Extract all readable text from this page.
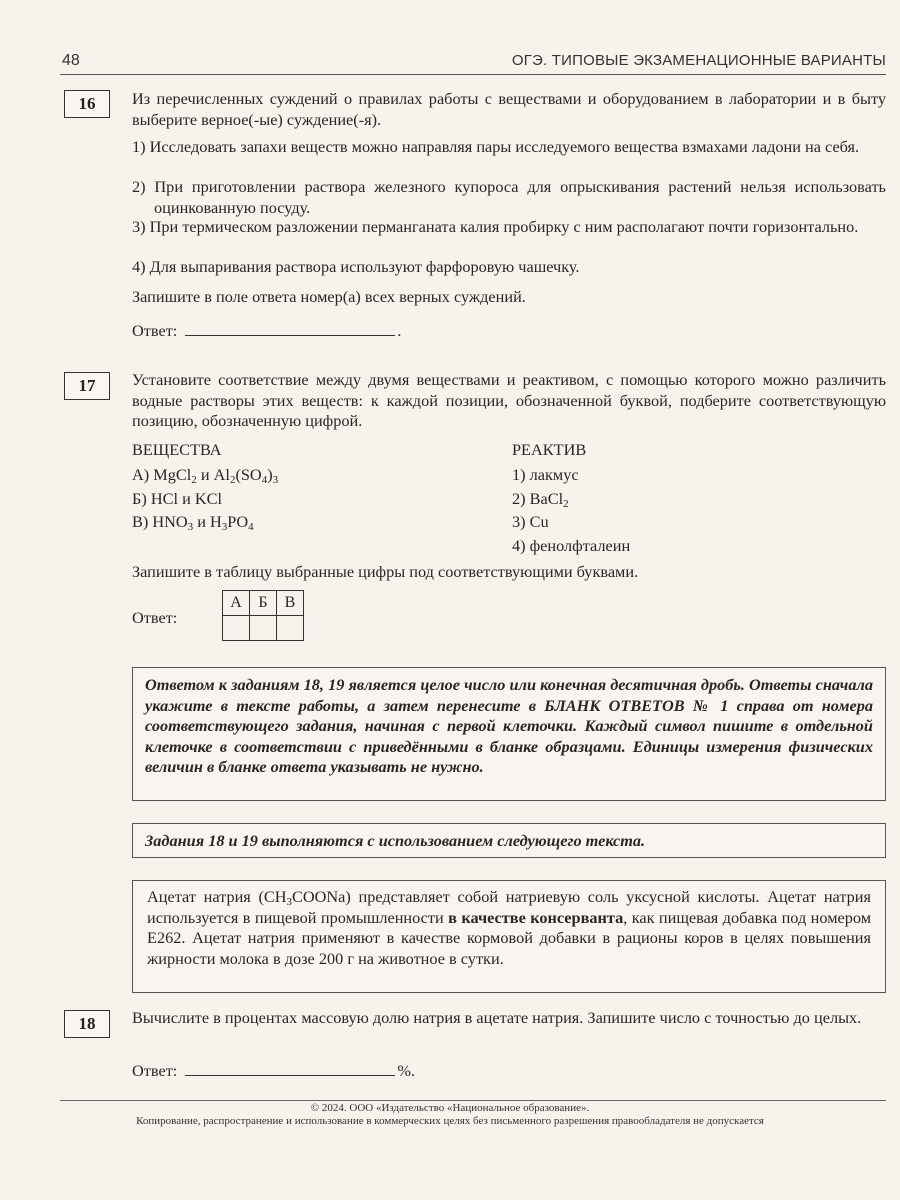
48	ОГЭ. ТИПОВЫЕ ЭКЗАМЕНАЦИОННЫЕ ВАРИАНТЫ
16	Из перечисленных суждений о правилах работы с веществами и оборудованием в лаборатории и в быту выберите верное(-ые) суждение(-я).
1) Исследовать запахи веществ можно направляя пары исследуемого вещества взмахами ладони на себя.
2) При приготовлении раствора железного купороса для опрыскивания растений нельзя использовать оцинкованную посуду.
3) При термическом разложении перманганата калия пробирку с ним располагают почти горизонтально.
4) Для выпаривания раствора используют фарфоровую чашечку.
Запишите в поле ответа номер(а) всех верных суждений.
Ответ:	.
17	Установите соответствие между двумя веществами и реактивом, с помощью которого можно различить водные растворы этих веществ: к каждой позиции, обозначенной буквой, подберите соответствующую позицию, обозначенную цифрой.
ВЕЩЕСТВА	РЕАКТИВ
А) MgCl$_2$ и $Al_2(SO_4)_3$
Б) HCl и KCl
В) $HNO_3$ и $H_3PO_4$
1) лакмус
2) BaCl$_2$
3) Cu
4) фенолфталеин
Запишите в таблицу выбранные цифры под соответствующими буквами.
Ответ:
А	Б	В

Ответом к заданиям 18, 19 является целое число или конечная десятичная дробь. Ответы сначала укажите в тексте работы, а затем перенесите в БЛАНК ОТВЕТОВ № 1 справа от номера соответствующего задания, начиная с первой клеточки. Каждый символ пишите в отдельной клеточке в соответствии с приведёнными в бланке образцами. Единицы измерения физических величин в бланке ответа указывать не нужно.
Задания 18 и 19 выполняются с использованием следующего текста.
Ацетат натрия $(CH_3COONa)$ представляет собой натриевую соль уксусной кислоты. Ацетат натрия используется в пищевой промышленности в качестве консерванта, как пищевая добавка под номером Е262. Ацетат натрия применяют в качестве кормовой добавки в рационы коров в целях повышения жирности молока в дозе 200 г на животное в сутки.
18	Вычислите в процентах массовую долю натрия в ацетате натрия. Запишите число с точностью до целых.
Ответ:	%.
© 2024. ООО «Издательство «Национальное образование».
Копирование, распространение и использование в коммерческих целях без письменного разрешения правообладателя не допускается
